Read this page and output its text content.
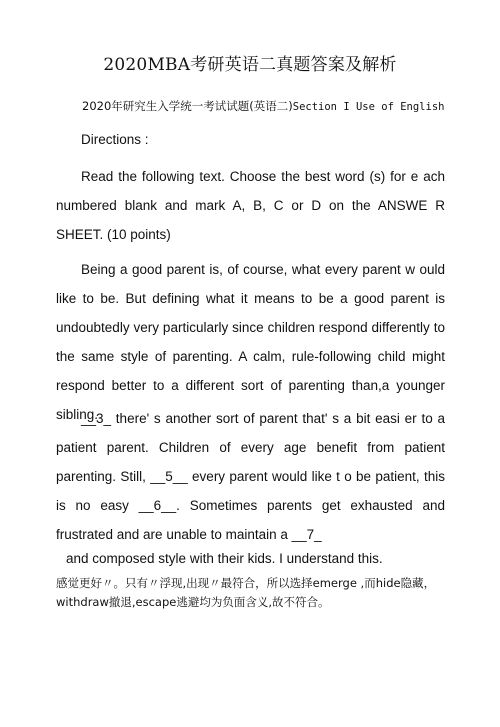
2020MBA考研英语二真题答案及解析
2020年研究生入学统一考试试题(英语二)Section I Use of English
Directions :

Read the following text. Choose the best word (s) for e ach numbered blank and mark A, B, C or D on the ANSWE R SHEET. (10 points)

Being a good parent is, of course, what every parent w ould like to be. But defining what it means to be a good parent is undoubtedly very particularly since children respond differently to the same style of parenting. A calm, rule-following child might respond better to a different sort of parenting than,a younger sibling.

__3_ there' s another sort of parent that' s a bit easi er to a patient parent. Children of every age benefit from patient parenting. Still, __5__ every parent would like t o be patient, this is no easy __6__. Sometimes parents get exhausted and frustrated and are unable to maintain a __7_

and composed style with their kids. I understand this.

感觉更好〃。只有〃浮现,出现〃最符合，所以选择emerge ,而hide隐藏，withdraw撤退,escape逃避均为负面含义,故不符合。
